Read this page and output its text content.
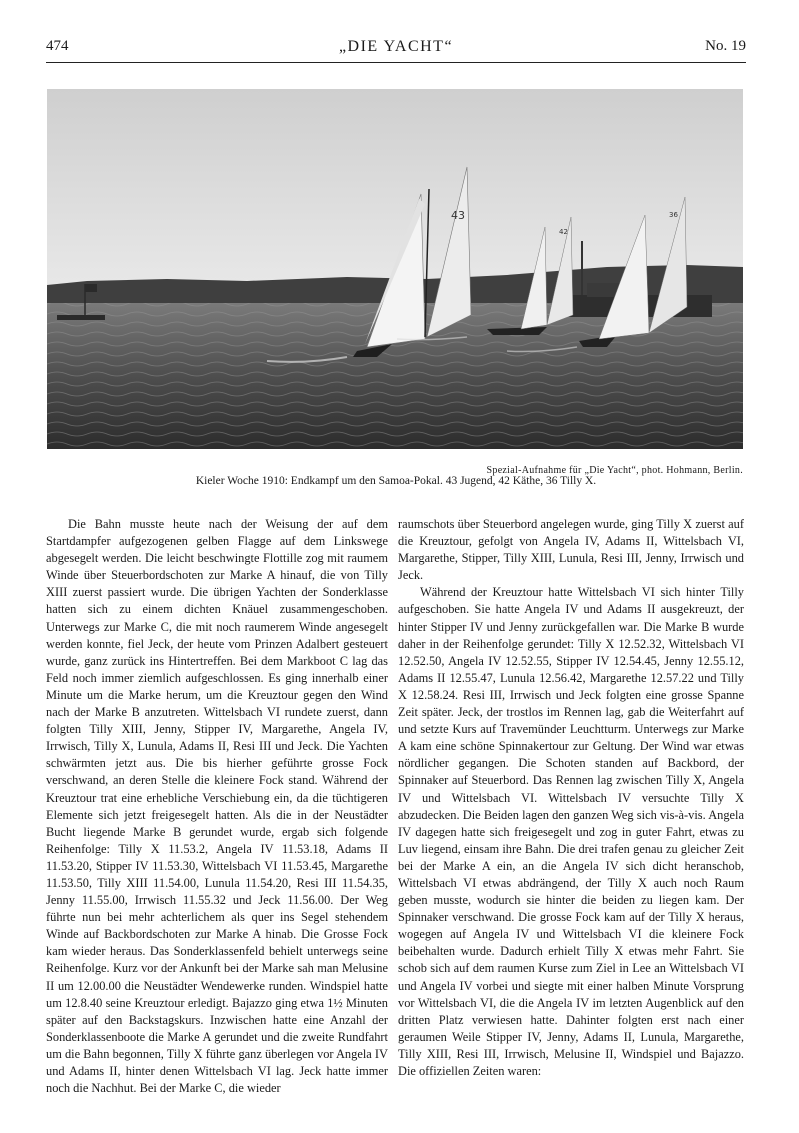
474	„DIE YACHT“	No. 19
43
42
36
Spezial-Aufnahme für „Die Yacht“, phot. Hohmann, Berlin.
Kieler Woche 1910: Endkampf um den Samoa-Pokal. 43 Jugend, 42 Käthe, 36 Tilly X.

Die Bahn musste heute nach der Weisung der auf dem Startdampfer aufgezogenen gelben Flagge auf dem Linkswege abgesegelt werden. Die leicht beschwingte Flottille zog mit raumem Winde über Steuerbordschoten zur Marke A hinauf, die von Tilly XIII zuerst passiert wurde. Die übrigen Yachten der Sonderklasse hatten sich zu einem dichten Knäuel zusammengeschoben. Unterwegs zur Marke C, die mit noch raumerem Winde angesegelt werden konnte, fiel Jeck, der heute vom Prinzen Adalbert gesteuert wurde, ganz zurück ins Hintertreffen. Bei dem Markboot C lag das Feld noch immer ziemlich aufgeschlossen. Es ging innerhalb einer Minute um die Marke herum, um die Kreuztour gegen den Wind nach der Marke B anzutreten. Wittelsbach VI rundete zuerst, dann folgten Tilly XIII, Jenny, Stipper IV, Margarethe, Angela IV, Irrwisch, Tilly X, Lunula, Adams II, Resi III und Jeck. Die Yachten schwärmten jetzt aus. Die bis hierher geführte grosse Fock verschwand, an deren Stelle die kleinere Fock stand. Während der Kreuztour trat eine erhebliche Verschiebung ein, da die tüchtigeren Elemente sich jetzt freigesegelt hatten. Als die in der Neustädter Bucht liegende Marke B gerundet wurde, ergab sich folgende Reihenfolge: Tilly X 11.53.2, Angela IV 11.53.18, Adams II 11.53.20, Stipper IV 11.53.30, Wittelsbach VI 11.53.45, Margarethe 11.53.50, Tilly XIII 11.54.00, Lunula 11.54.20, Resi III 11.54.35, Jenny 11.55.00, Irrwisch 11.55.32 und Jeck 11.56.00. Der Weg führte nun bei mehr achterlichem als quer ins Segel stehendem Winde auf Backbordschoten zur Marke A hinab. Die Grosse Fock kam wieder heraus. Das Sonderklassenfeld behielt unterwegs seine Reihenfolge. Kurz vor der Ankunft bei der Marke sah man Melusine II um 12.00.00 die Neustädter Wendewerke runden. Windspiel hatte um 12.8.40 seine Kreuztour erledigt. Bajazzo ging etwa 1½ Minuten später auf den Backstagskurs. Inzwischen hatte eine Anzahl der Sonderklassenboote die Marke A gerundet und die zweite Rundfahrt um die Bahn begonnen, Tilly X führte ganz überlegen vor Angela IV und Adams II, hinter denen Wittelsbach VI lag. Jeck hatte immer noch die Nachhut. Bei der Marke C, die wieder

raumschots über Steuerbord angelegen wurde, ging Tilly X zuerst auf die Kreuztour, gefolgt von Angela IV, Adams II, Wittelsbach VI, Margarethe, Stipper, Tilly XIII, Lunula, Resi III, Jenny, Irrwisch und Jeck.

Während der Kreuztour hatte Wittelsbach VI sich hinter Tilly aufgeschoben. Sie hatte Angela IV und Adams II ausgekreuzt, der hinter Stipper IV und Jenny zurückgefallen war. Die Marke B wurde daher in der Reihenfolge gerundet: Tilly X 12.52.32, Wittelsbach VI 12.52.50, Angela IV 12.52.55, Stipper IV 12.54.45, Jenny 12.55.12, Adams II 12.55.47, Lunula 12.56.42, Margarethe 12.57.22 und Tilly X 12.58.24. Resi III, Irrwisch und Jeck folgten eine grosse Spanne Zeit später. Jeck, der trostlos im Rennen lag, gab die Weiterfahrt auf und setzte Kurs auf Travemünder Leuchtturm. Unterwegs zur Marke A kam eine schöne Spinnakertour zur Geltung. Der Wind war etwas nördlicher gegangen. Die Schoten standen auf Backbord, der Spinnaker auf Steuerbord. Das Rennen lag zwischen Tilly X, Angela IV und Wittelsbach VI. Wittelsbach IV versuchte Tilly X abzudecken. Die Beiden lagen den ganzen Weg sich vis-à-vis. Angela IV dagegen hatte sich freigesegelt und zog in guter Fahrt, etwas zu Luv liegend, einsam ihre Bahn. Die drei trafen genau zu gleicher Zeit bei der Marke A ein, an die Angela IV sich dicht heranschob, Wittelsbach VI etwas abdrängend, der Tilly X auch noch Raum geben musste, wodurch sie hinter die beiden zu liegen kam. Der Spinnaker verschwand. Die grosse Fock kam auf der Tilly X heraus, wogegen auf Angela IV und Wittelsbach VI die kleinere Fock beibehalten wurde. Dadurch erhielt Tilly X etwas mehr Fahrt. Sie schob sich auf dem raumen Kurse zum Ziel in Lee an Wittelsbach VI und Angela IV vorbei und siegte mit einer halben Minute Vorsprung vor Wittelsbach VI, die die Angela IV im letzten Augenblick auf den dritten Platz verwiesen hatte. Dahinter folgten erst nach einer geraumen Weile Stipper IV, Jenny, Adams II, Lunula, Margarethe, Tilly XIII, Resi III, Irrwisch, Melusine II, Windspiel und Bajazzo. Die offiziellen Zeiten waren:
